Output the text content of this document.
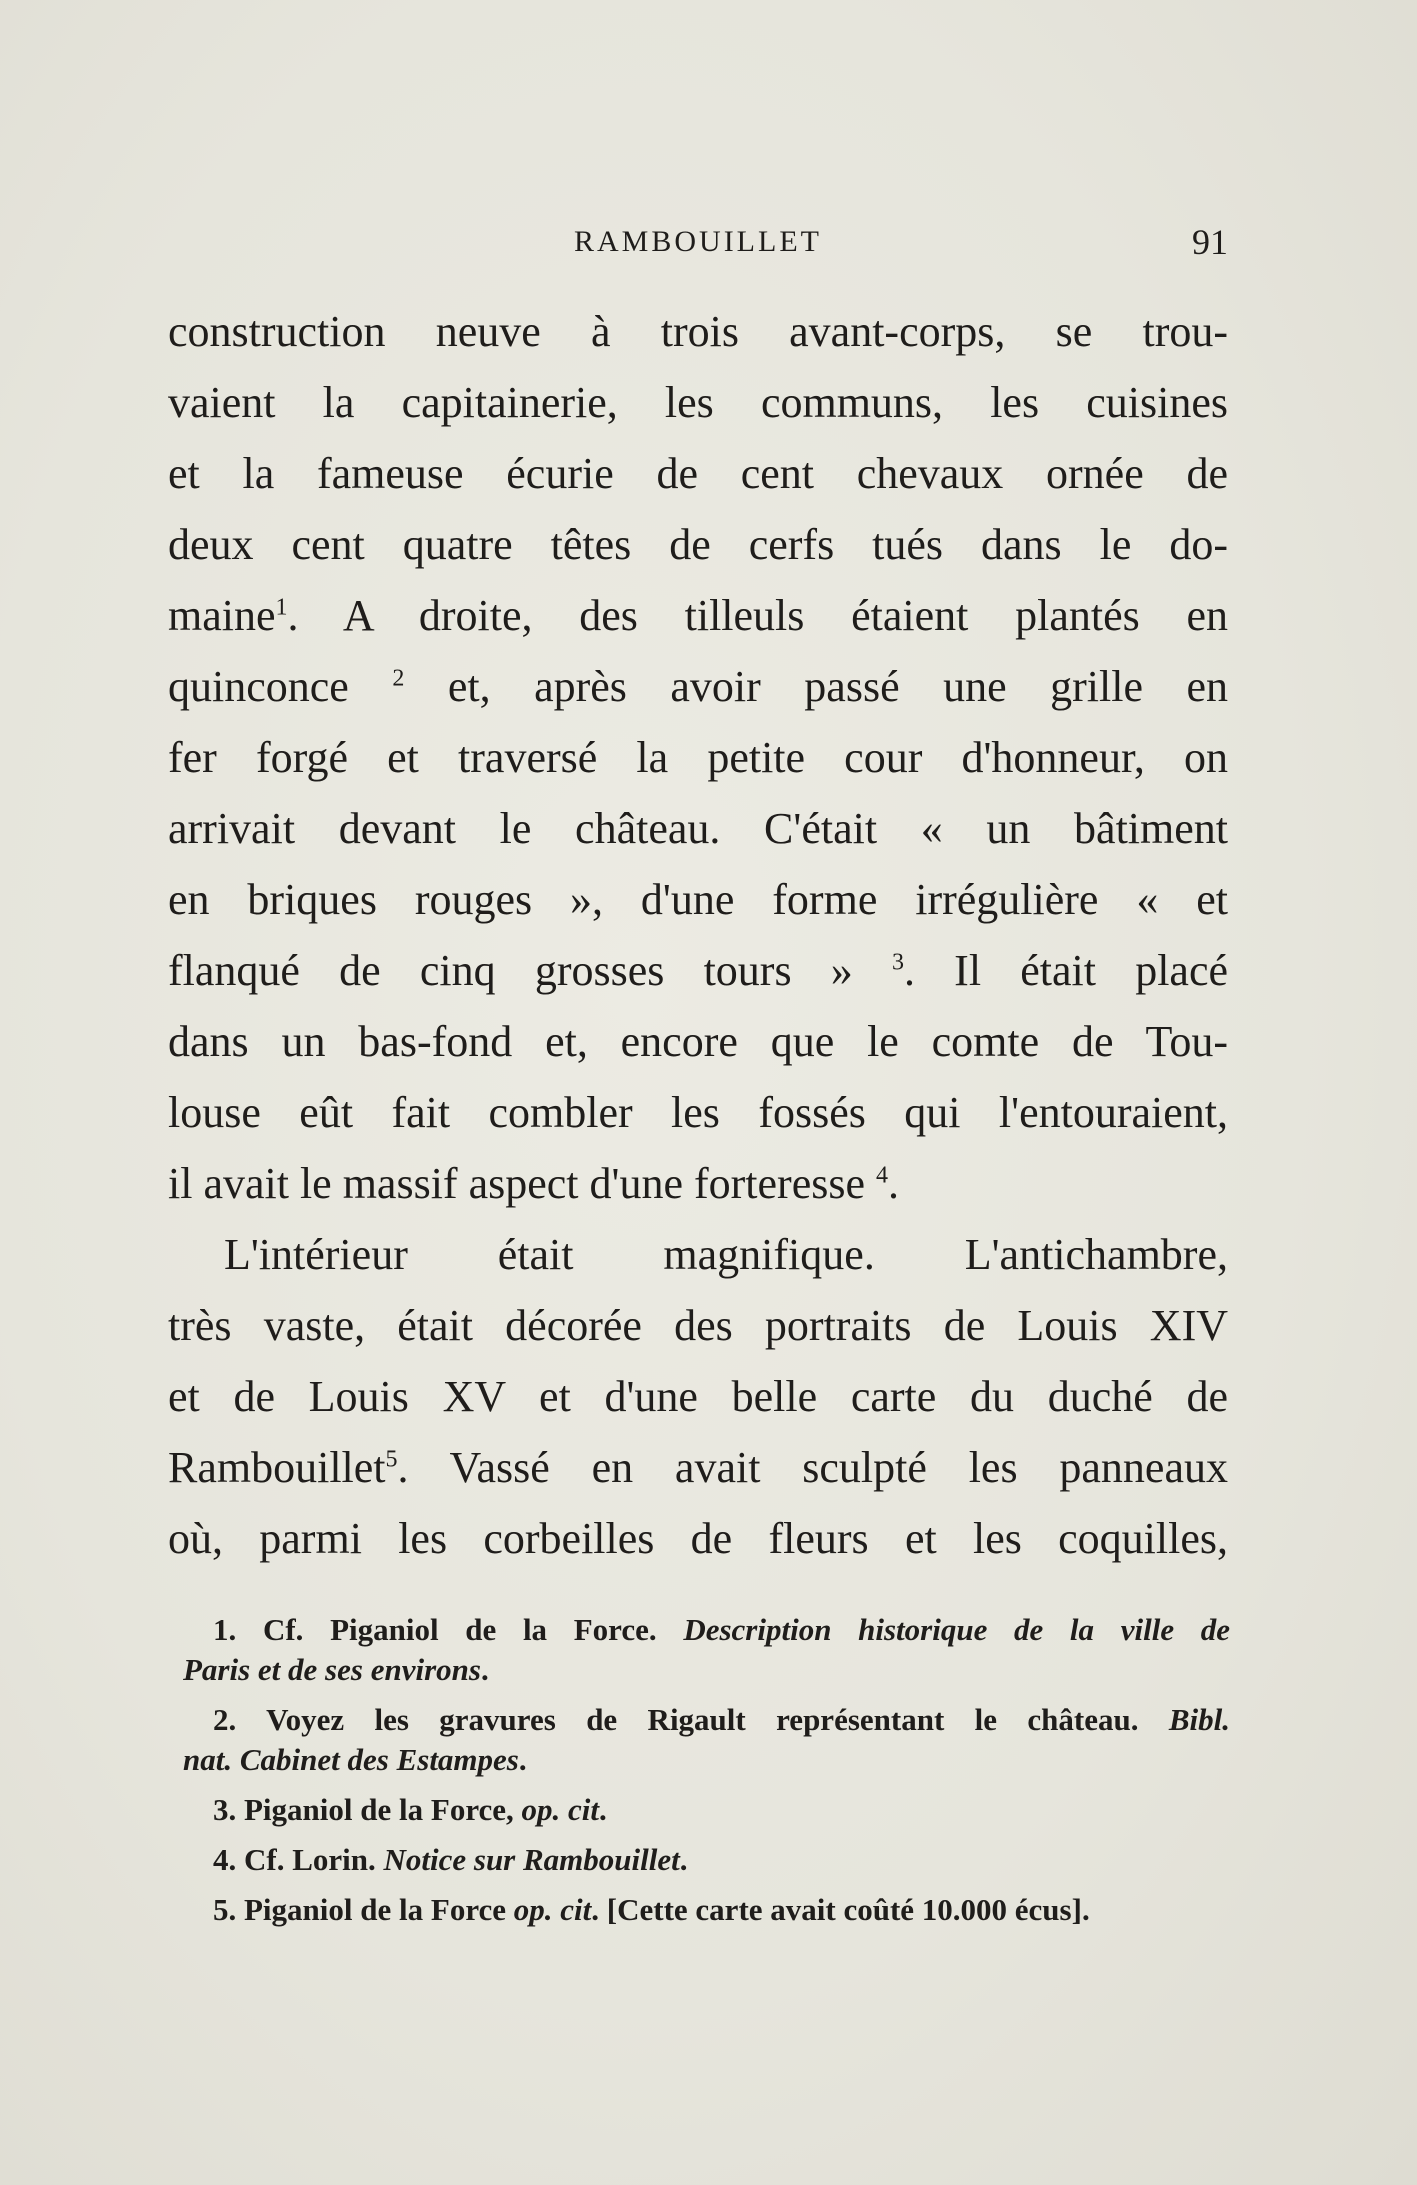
RAMBOUILLET	91
construction neuve à trois avant-corps, se trou-
vaient la capitainerie, les communs, les cuisines
et la fameuse écurie de cent chevaux ornée de
deux cent quatre têtes de cerfs tués dans le do-
maine$^1$. A droite, des tilleuls étaient plantés en
quinconce $^2$ et, après avoir passé une grille en
fer forgé et traversé la petite cour d'honneur, on
arrivait devant le château. C'était « un bâtiment
en briques rouges », d'une forme irrégulière « et
flanqué de cinq grosses tours » $^3$. Il était placé
dans un bas-fond et, encore que le comte de Tou-
louse eût fait combler les fossés qui l'entouraient,
il avait le massif aspect d'une forteresse $^4$.
L'intérieur était magnifique. L'antichambre,
très vaste, était décorée des portraits de Louis XIV
et de Louis XV et d'une belle carte du duché de
Rambouillet$^5$. Vassé en avait sculpté les panneaux
où, parmi les corbeilles de fleurs et les coquilles,
1. Cf. Piganiol de la Force. Description historique de la ville de
Paris et de ses environs.
2. Voyez les gravures de Rigault représentant le château. Bibl.
nat. Cabinet des Estampes.
3. Piganiol de la Force, op. cit.
4. Cf. Lorin. Notice sur Rambouillet.
5. Piganiol de la Force op. cit. [Cette carte avait coûté 10.000 écus].
